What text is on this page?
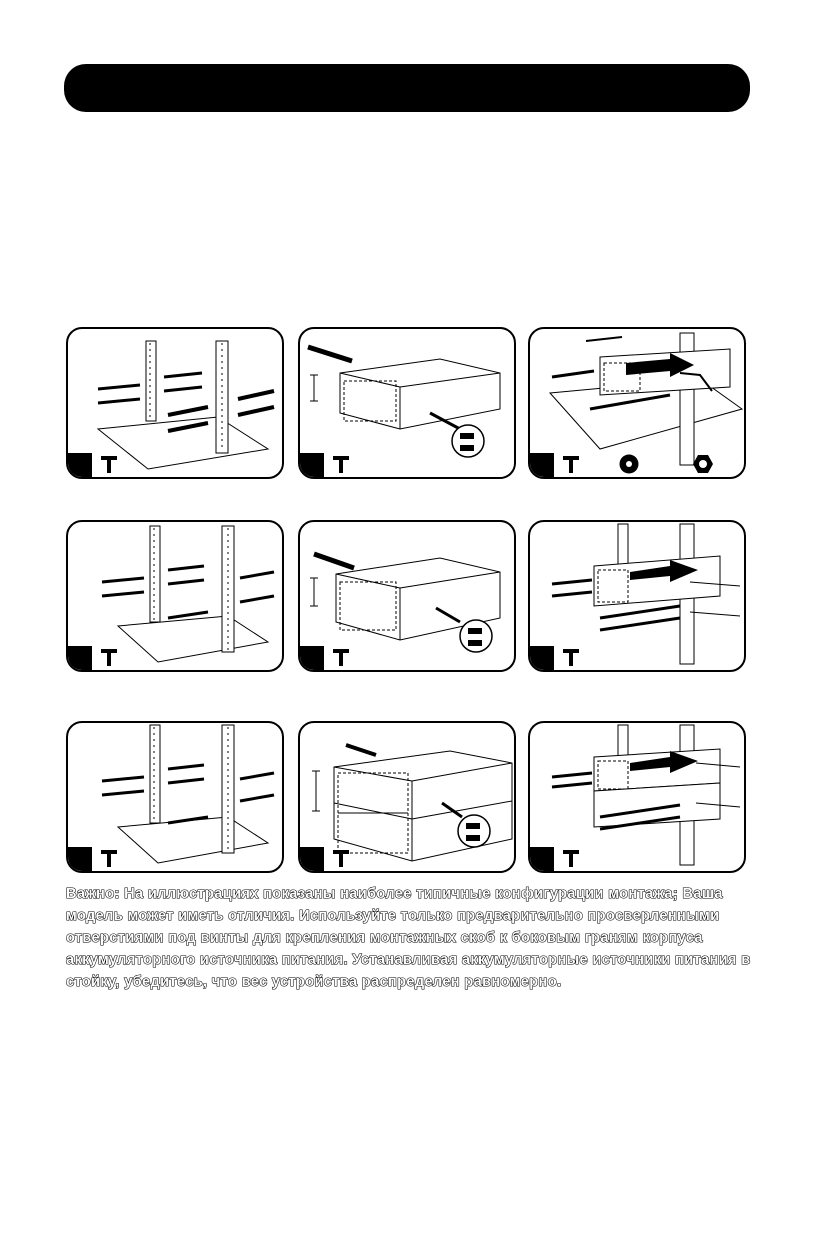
Важно: На иллюстрациях показаны наиболее типичные конфигурации монтажа; Ваша модель может иметь отличия. Используйте только предварительно просверленными отверстиями под винты для крепления монтажных скоб к боковым граням корпуса аккумуляторного источника питания. Устанавливая аккумуляторные источники питания в стойку, убедитесь, что вес устройства распределен равномерно.
